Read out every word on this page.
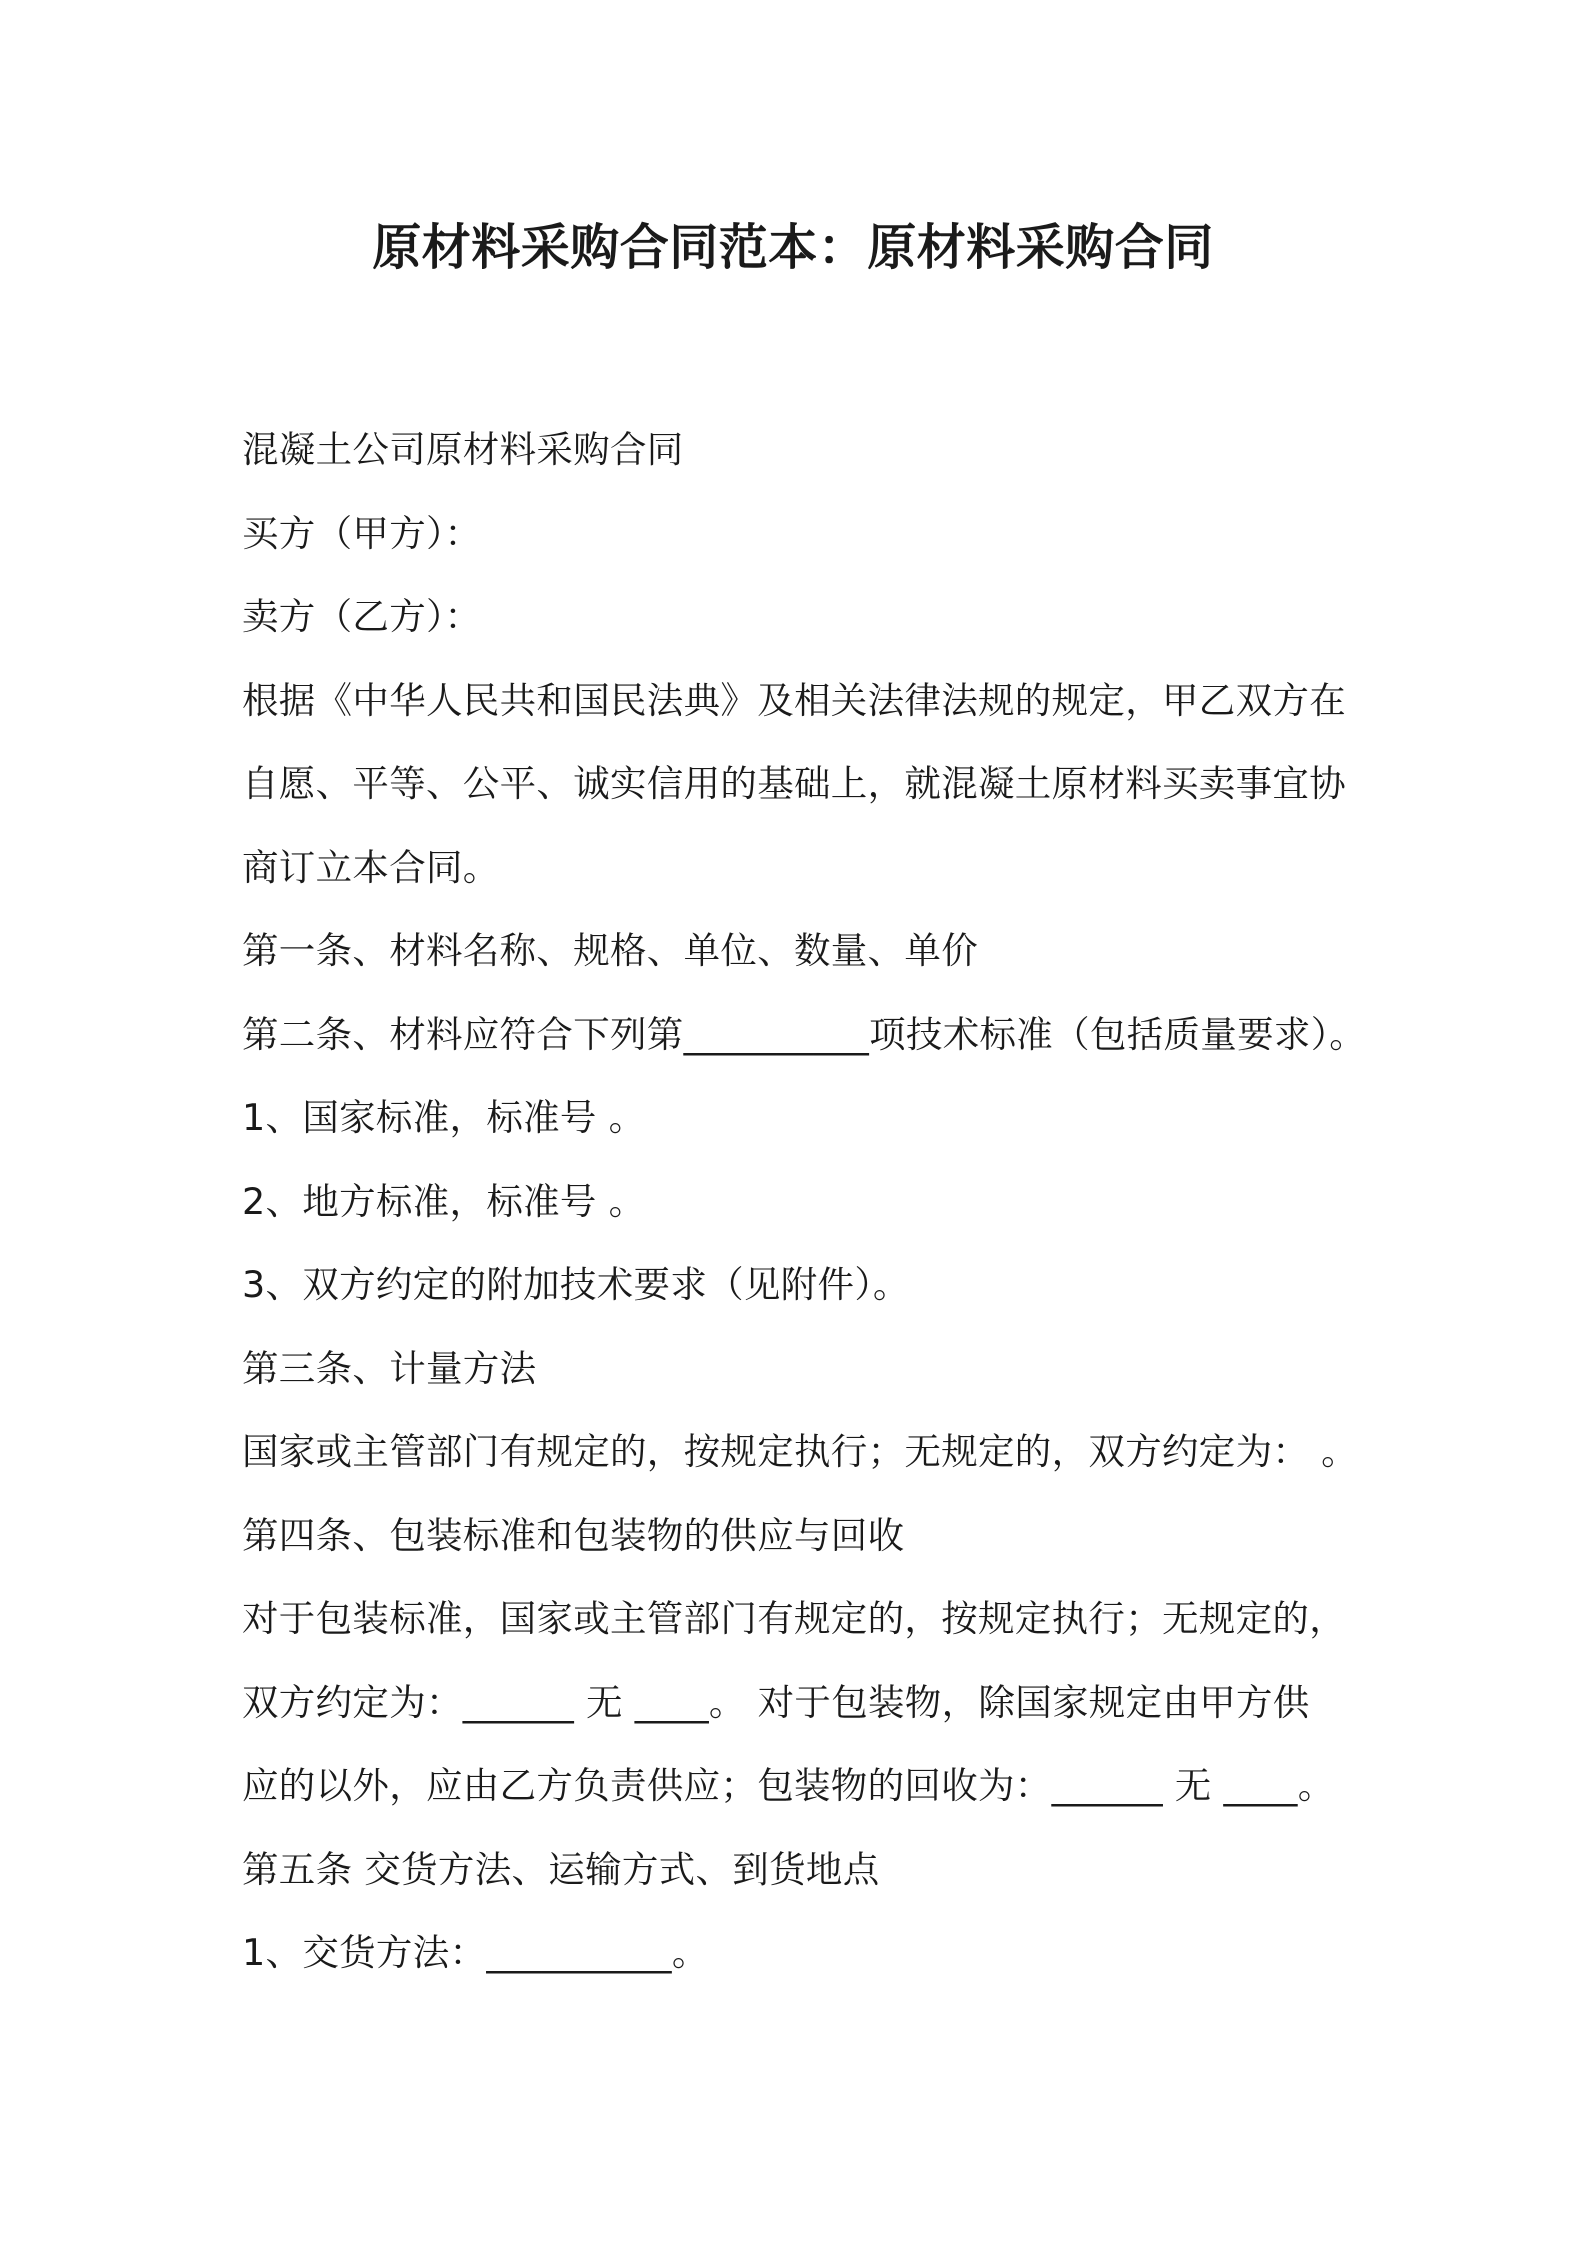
原材料采购合同范本：原材料采购合同
混凝土公司原材料采购合同
买方（甲方）：
卖方（乙方）：
根据《中华人民共和国民法典》及相关法律法规的规定，甲乙双方在
自愿、平等、公平、诚实信用的基础上，就混凝土原材料买卖事宜协
商订立本合同。
第一条、材料名称、规格、单位、数量、单价
第二条、材料应符合下列第__________项技术标准（包括质量要求）。
1、国家标准，标准号 。
2、地方标准，标准号 。
3、双方约定的附加技术要求（见附件）。
第三条、计量方法
国家或主管部门有规定的，按规定执行；无规定的，双方约定为： 。
第四条、包装标准和包装物的供应与回收
对于包装标准，国家或主管部门有规定的，按规定执行；无规定的，
双方约定为：______ 无 ____。 对于包装物，除国家规定由甲方供
应的以外，应由乙方负责供应；包装物的回收为：______ 无 ____。
第五条 交货方法、运输方式、到货地点
1、交货方法：__________。
